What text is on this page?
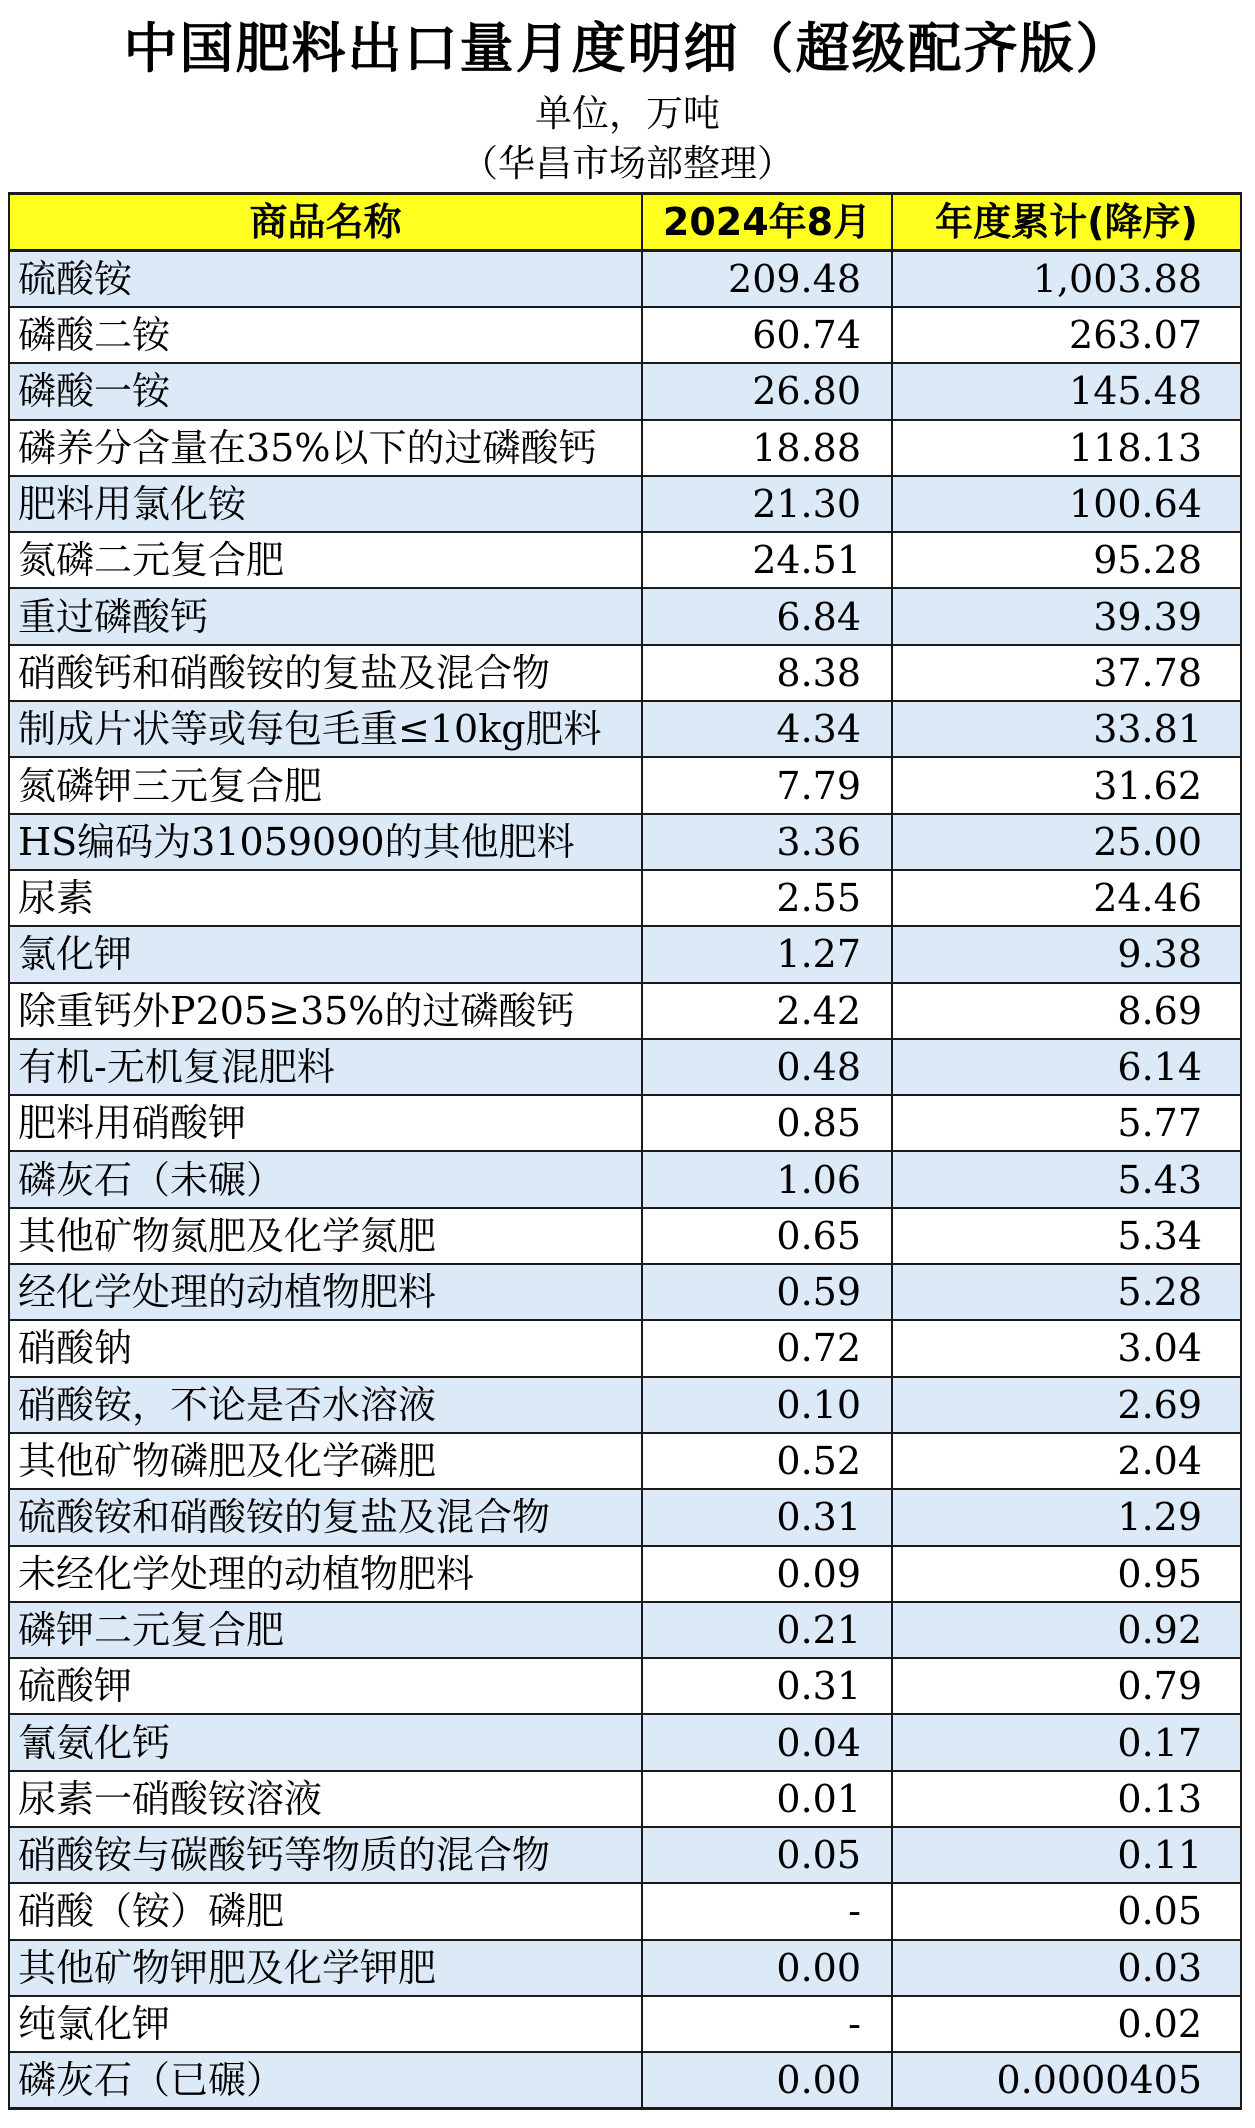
中国肥料出口量月度明细（超级配齐版）
单位，万吨
（华昌市场部整理）
商品名称	2024年8月	年度累计(降序)
硫酸铵	209.48	1,003.88
磷酸二铵	60.74	263.07
磷酸一铵	26.80	145.48
磷养分含量在35%以下的过磷酸钙	18.88	118.13
肥料用氯化铵	21.30	100.64
氮磷二元复合肥	24.51	95.28
重过磷酸钙	6.84	39.39
硝酸钙和硝酸铵的复盐及混合物	8.38	37.78
制成片状等或每包毛重≤10kg肥料	4.34	33.81
氮磷钾三元复合肥	7.79	31.62
HS编码为31059090的其他肥料	3.36	25.00
尿素	2.55	24.46
氯化钾	1.27	9.38
除重钙外P205≥35%的过磷酸钙	2.42	8.69
有机-无机复混肥料	0.48	6.14
肥料用硝酸钾	0.85	5.77
磷灰石（未碾）	1.06	5.43
其他矿物氮肥及化学氮肥	0.65	5.34
经化学处理的动植物肥料	0.59	5.28
硝酸钠	0.72	3.04
硝酸铵，不论是否水溶液	0.10	2.69
其他矿物磷肥及化学磷肥	0.52	2.04
硫酸铵和硝酸铵的复盐及混合物	0.31	1.29
未经化学处理的动植物肥料	0.09	0.95
磷钾二元复合肥	0.21	0.92
硫酸钾	0.31	0.79
氰氨化钙	0.04	0.17
尿素一硝酸铵溶液	0.01	0.13
硝酸铵与碳酸钙等物质的混合物	0.05	0.11
硝酸（铵）磷肥	-	0.05
其他矿物钾肥及化学钾肥	0.00	0.03
纯氯化钾	-	0.02
磷灰石（已碾）	0.00	0.0000405
